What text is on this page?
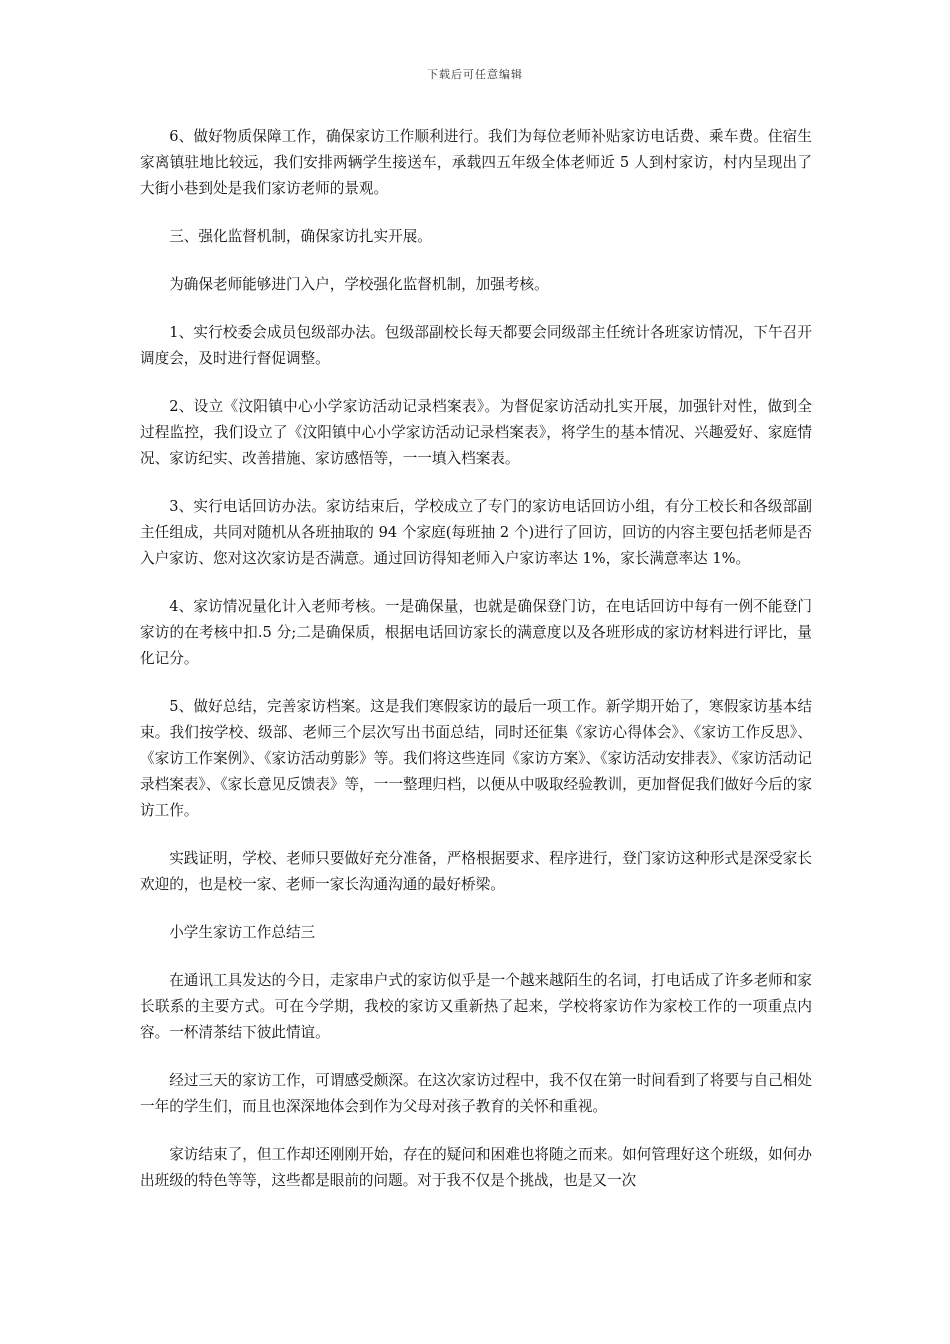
下载后可任意编辑

6、做好物质保障工作，确保家访工作顺利进行。我们为每位老师补贴家访电话费、乘车费。住宿生家离镇驻地比较远，我们安排两辆学生接送车，承载四五年级全体老师近 5 人到村家访，村内呈现出了大街小巷到处是我们家访老师的景观。

三、强化监督机制，确保家访扎实开展。

为确保老师能够进门入户，学校强化监督机制，加强考核。

1、实行校委会成员包级部办法。包级部副校长每天都要会同级部主任统计各班家访情况，下午召开调度会，及时进行督促调整。

2、设立《汶阳镇中心小学家访活动记录档案表》。为督促家访活动扎实开展，加强针对性，做到全过程监控，我们设立了《汶阳镇中心小学家访活动记录档案表》，将学生的基本情况、兴趣爱好、家庭情况、家访纪实、改善措施、家访感悟等，一一填入档案表。

3、实行电话回访办法。家访结束后，学校成立了专门的家访电话回访小组，有分工校长和各级部副主任组成，共同对随机从各班抽取的 94 个家庭(每班抽 2 个)进行了回访，回访的内容主要包括老师是否入户家访、您对这次家访是否满意。通过回访得知老师入户家访率达 1%，家长满意率达 1%。

4、家访情况量化计入老师考核。一是确保量，也就是确保登门访，在电话回访中每有一例不能登门家访的在考核中扣.5 分;二是确保质，根据电话回访家长的满意度以及各班形成的家访材料进行评比，量化记分。

5、做好总结，完善家访档案。这是我们寒假家访的最后一项工作。新学期开始了，寒假家访基本结束。我们按学校、级部、老师三个层次写出书面总结，同时还征集《家访心得体会》、《家访工作反思》、《家访工作案例》、《家访活动剪影》等。我们将这些连同《家访方案》、《家访活动安排表》、《家访活动记录档案表》、《家长意见反馈表》等，一一整理归档，以便从中吸取经验教训，更加督促我们做好今后的家访工作。

实践证明，学校、老师只要做好充分准备，严格根据要求、程序进行，登门家访这种形式是深受家长欢迎的，也是校一家、老师一家长沟通沟通的最好桥梁。

小学生家访工作总结三

在通讯工具发达的今日，走家串户式的家访似乎是一个越来越陌生的名词，打电话成了许多老师和家长联系的主要方式。可在今学期，我校的家访又重新热了起来，学校将家访作为家校工作的一项重点内容。一杯清茶结下彼此情谊。

经过三天的家访工作，可谓感受颇深。在这次家访过程中，我不仅在第一时间看到了将要与自己相处一年的学生们，而且也深深地体会到作为父母对孩子教育的关怀和重视。

家访结束了，但工作却还刚刚开始，存在的疑问和困难也将随之而来。如何管理好这个班级，如何办出班级的特色等等，这些都是眼前的问题。对于我不仅是个挑战，也是又一次
